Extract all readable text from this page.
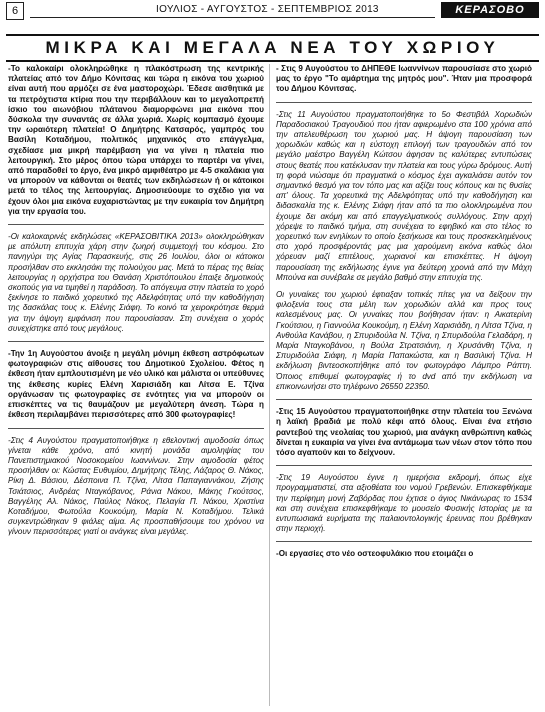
6	ΙΟΥΛΙΟΣ - ΑΥΓΟΥΣΤΟΣ - ΣΕΠΤΕΜΒΡΙΟΣ 2013	ΚΕΡΑΣΟΒΟ
ΜΙΚΡΑ ΚΑΙ ΜΕΓΑΛΑ ΝΕΑ ΤΟΥ ΧΩΡΙΟΥ

-Το καλοκαίρι ολοκληρώθηκε η πλακόστρωση της κεντρικής πλατείας από τον Δήμο Κόνιτσας και τώρα η εικόνα του χωριού είναι αυτή που αρμόζει σε ένα μαστοροχώρι. Έδεσε αισθητικά με τα πετρόχτιστα κτίρια που την περιβάλλουν και το μεγαλοπρεπή ίσκιο του αιωνόβιου πλάτανου διαμορφώνει μια εικόνα που δύσκολα την συναντάς σε άλλα χωριά. Χωρίς κομπασμό έχουμε την ωραιότερη πλατεία! Ο Δημήτρης Κατσαρός, γαμπρός του Βασίλη Κοταδήμου, πολιτικός μηχανικός στο επάγγελμα, σχεδίασε μια μικρή παρέμβαση για να γίνει η πλατεία πιο λειτουργική. Στο μέρος όπου τώρα υπάρχει το παρτέρι να γίνει, από παραδοθεί το έργο, ένα μικρό αμφιθέατρο με 4-5 σκαλάκια για να μπορούν να κάθονται οι θεατές των εκδηλώσεων ή οι κάτοικοι μετά το τέλος της λειτουργίας. Δημοσιεύουμε το σχέδιο για να έχουν όλοι μια εικόνα ευχαριστώντας με την ευκαιρία τον Δημήτρη για την εργασία του.

-Οι καλοκαιρινές εκδηλώσεις «ΚΕΡΑΣΟΒΙΤΙΚΑ 2013» ολοκληρώθηκαν με απόλυτη επιτυχία χάρη στην ζωηρή συμμετοχή του κόσμου. Στο πανηγύρι της Αγίας Παρασκευής, στις 26 Ιουλίου, όλοι οι κάτοικοι προσήλθαν στο εκκλησάκι της πολιούχου μας. Μετά το πέρας της θείας λειτουργίας η ορχήστρα του Θανάση Χριστόπουλου έπαιξε δημοτικούς σκοπούς για να τιμηθεί η παράδοση. Το απόγευμα στην πλατεία το χορό ξεκίνησε το παιδικό χορευτικό της Αδελφότητας υπό την καθοδήγηση της δασκάλας τους κ. Ελένης Σιάφη. Το κοινό τα χειροκρότησε θερμά για την άψογη εμφάνιση που παρουσίασαν. Στη συνέχεια ο χορός συνεχίστηκε από τους μεγάλους.

-Την 1η Αυγούστου άνοιξε η μεγάλη μόνιμη έκθεση αστρόφωτων φωτογραφιών στις αίθουσες του Δημοτικού Σχολείου. Φέτος η έκθεση ήταν εμπλουτισμένη με νέο υλικό και μάλιστα οι υπεύθυνες της έκθεσης κυρίες Ελένη Χαρισιάδη και Λίτσα Ε. Τζίνα οργάνωσαν τις φωτογραφίες σε ενότητες για να μπορούν οι επισκέπτες να τις θαυμάζουν με μεγαλύτερη άνεση. Τώρα η έκθεση περιλαμβάνει περισσότερες από 300 φωτογραφίες!

-Στις 4 Αυγούστου πραγματοποιήθηκε η εθελοντική αιμοδοσία όπως γίνεται κάθε χρόνο, από κινητή μονάδα αιμοληψίας του Πανεπιστημιακού Νοσοκομείου Ιωαννίνων. Στην αιμοδοσία φέτος προσήλθαν οι: Κώστας Ευθυμίου, Δημήτρης Τέλης, Λάζαρος Θ. Νάκος, Ρίκη Δ. Βάσιου, Δέσποινα Π. Τζίνα, Λίτσα Παπαγιαννάκου, Ζήσης Τσιάτσιος, Ανδρέας Νταγκόβανος, Ράνια Νάκου, Μάκης Γκούτσος, Βαγγέλης Αλ. Νάκος, Παύλος Νάκος, Πελαγία Π. Νάκου, Χριστίνα Κοταδήμου, Φωτούλα Κουκούμη, Μαρία Ν. Κοταδήμου. Τελικά συγκεντρώθηκαν 9 φιάλες αίμα. Ας προσπαθήσουμε του χρόνου να γίνουν περισσότερες γιατί οι ανάγκες είναι μεγάλες.

- Στις 9 Αυγούστου το ΔΗΠΕΘΕ Ιωαννίνων παρουσίασε στο χωριό μας το έργο "Το αμάρτημα της μητρός μου". Ήταν μια προσφορά του Δήμου Κόνιτσας.

-Στις 11 Αυγούστου πραγματοποιήθηκε το 5ο Φεστιβάλ Χορωδιών Παραδοσιακού Τραγουδιού που ήταν αφιερωμένο στα 100 χρόνια από την απελευθέρωση του χωριού μας. Η άψογη παρουσίαση των χορωδιών καθώς και η εύστοχη επιλογή των τραγουδιών από τον μεγάλο μαέστρο Βαγγέλη Κώτσου άφησαν τις καλύτερες εντυπώσεις στους θεατές που κατέκλυσαν την πλατεία και τους γύρω δρόμους. Αυτή τη φορά νιώσαμε ότι πραγματικά ο κόσμος έχει αγκαλιάσει αυτόν τον σημαντικό θεσμό για τον τόπο μας και αξίζει τους κόπους και τις θυσίες απ' όλους. Τα χορευτικά της Αδελφότητας υπό την καθοδήγηση και διδασκαλία της κ. Ελένης Σιάφη ήταν από τα πιο ολοκληρωμένα που έχουμε δει ακόμη και από επαγγελματικούς συλλόγους. Στην αρχή χόρεψε το παιδικό τμήμα, στη συνέχεια το εφηβικό και στο τέλος το χορευτικό των ενηλίκων το οποίο ξεσήκωσε και τους προσκεκλημένους στο χορό προσφέροντάς μας μια χαρούμενη εικόνα καθώς όλοι χόρευαν μαζί επιτέλους, χωριανοί και επισκέπτες. Η άψογη παρουσίαση της εκδήλωσης έγινε για δεύτερη χρονιά από την Μάχη Μπούνα και συνέβαλε σε μεγάλο βαθμό στην επιτυχία της.

Οι γυναίκες του χωριού έφτιαξαν τοπικές πίτες για να δείξουν την φιλοξενία τους στα μέλη των χορωδιών αλλά και προς τους καλεσμένους μας. Οι γυναίκες που βοήθησαν ήταν: η Αικατερίνη Γκούτσιου, η Γιαννούλα Κουκούμη, η Ελένη Χαρισιάδη, η Λίτσα Τζίνα, η Ανθούλα Κανάβου, η Σπυριδούλα Ν. Τζίνα, η Σπυριδούλα Γελαδάρη, η Μαρία Νταγκοβάνου, η Βούλα Στρατσιάνη, η Χρυσάνθη Τζίνα, η Σπυριδούλα Σιάφη, η Μαρία Παπακώστα, και η Βασιλική Τζίνα. Η εκδήλωση βιντεοσκοπήθηκε από τον φωτογράφο Λάμπρο Ράπτη. Όποιος επιθυμεί φωτογραφίες ή το dvd από την εκδήλωση να επικοινωνήσει στο τηλέφωνο 26550 22350.

-Στις 15 Αυγούστου πραγματοποιήθηκε στην πλατεία του Ξενώνα η λαϊκή βραδιά με πολύ κέφι από όλους. Είναι ένα ετήσιο ραντεβού της νεολαίας του χωριού, μια ανάγκη ανθρώπινη καθώς δίνεται η ευκαιρία να γίνει ένα αντάμωμα των νέων στον τόπο που τόσο αγαπούν και το δείχνουν.

-Στις 19 Αυγούστου έγινε η ημερήσια εκδρομή, όπως είχε προγραμματιστεί, στα αξιοθέατα του νομού Γρεβενών. Επισκεφθήκαμε την περίφημη μονή Ζαβόρδας που έχτισε ο άγιος Νικάνωρας το 1534 και στη συνέχεια επισκεφθήκαμε το μουσείο Φυσικής Ιστορίας με τα εντυπωσιακά ευρήματα της παλαιοντολογικής έρευνας που βρέθηκαν στην περιοχή.

-Οι εργασίες στο νέο οστεοφυλάκιο που ετοιμάζει ο
